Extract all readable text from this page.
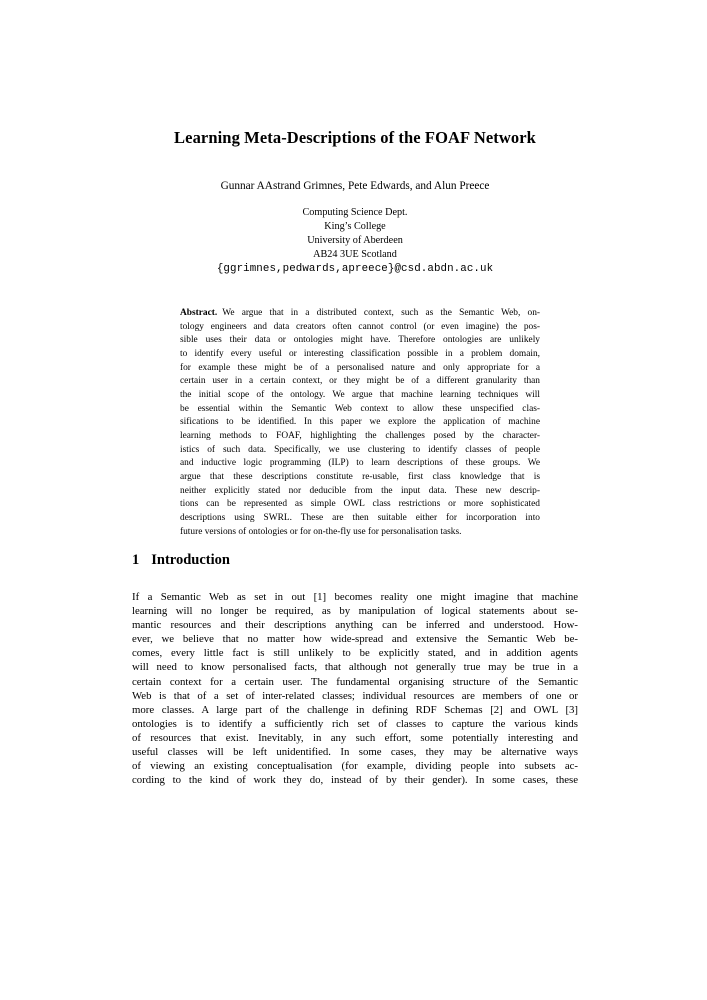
Learning Meta-Descriptions of the FOAF Network
Gunnar AAstrand Grimnes, Pete Edwards, and Alun Preece
Computing Science Dept.
King’s College
University of Aberdeen
AB24 3UE Scotland
{ggrimnes,pedwards,apreece}@csd.abdn.ac.uk
Abstract. We argue that in a distributed context, such as the Semantic Web, on-
tology engineers and data creators often cannot control (or even imagine) the pos-
sible uses their data or ontologies might have. Therefore ontologies are unlikely
to identify every useful or interesting classification possible in a problem domain,
for example these might be of a personalised nature and only appropriate for a
certain user in a certain context, or they might be of a different granularity than
the initial scope of the ontology. We argue that machine learning techniques will
be essential within the Semantic Web context to allow these unspecified clas-
sifications to be identified. In this paper we explore the application of machine
learning methods to FOAF, highlighting the challenges posed by the character-
istics of such data. Specifically, we use clustering to identify classes of people
and inductive logic programming (ILP) to learn descriptions of these groups. We
argue that these descriptions constitute re-usable, first class knowledge that is
neither explicitly stated nor deducible from the input data. These new descrip-
tions can be represented as simple OWL class restrictions or more sophisticated
descriptions using SWRL. These are then suitable either for incorporation into
future versions of ontologies or for on-the-fly use for personalisation tasks.
1 Introduction
If a Semantic Web as set in out [1] becomes reality one might imagine that machine
learning will no longer be required, as by manipulation of logical statements about se-
mantic resources and their descriptions anything can be inferred and understood. How-
ever, we believe that no matter how wide-spread and extensive the Semantic Web be-
comes, every little fact is still unlikely to be explicitly stated, and in addition agents
will need to know personalised facts, that although not generally true may be true in a
certain context for a certain user. The fundamental organising structure of the Semantic
Web is that of a set of inter-related classes; individual resources are members of one or
more classes. A large part of the challenge in defining RDF Schemas [2] and OWL [3]
ontologies is to identify a sufficiently rich set of classes to capture the various kinds
of resources that exist. Inevitably, in any such effort, some potentially interesting and
useful classes will be left unidentified. In some cases, they may be alternative ways
of viewing an existing conceptualisation (for example, dividing people into subsets ac-
cording to the kind of work they do, instead of by their gender). In some cases, these
